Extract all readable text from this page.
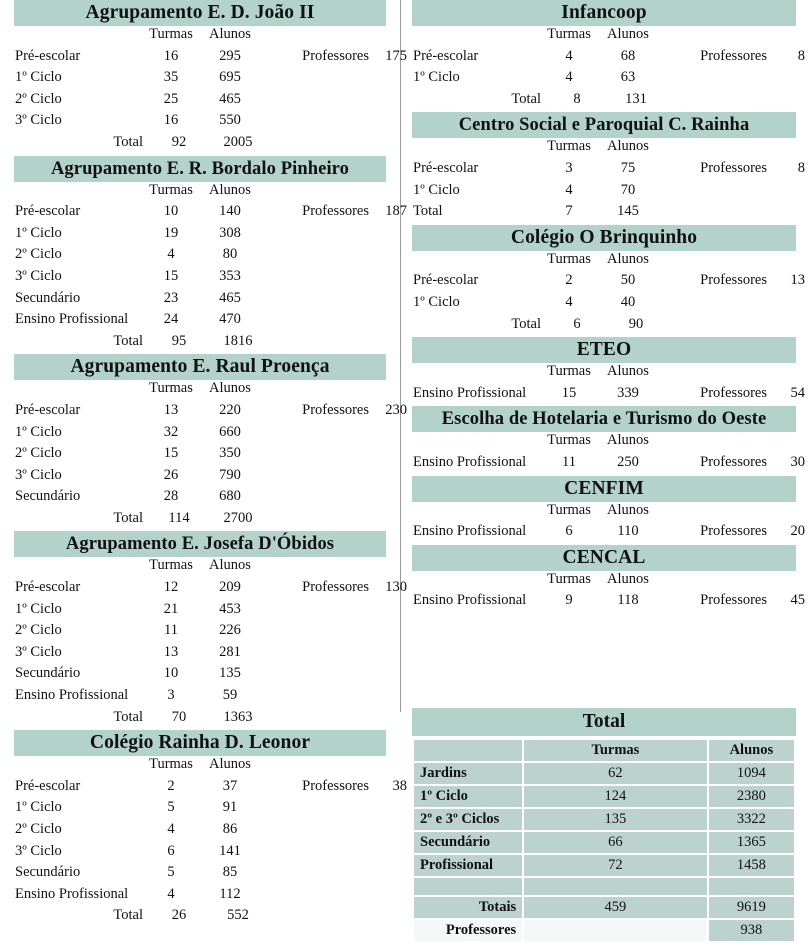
Agrupamento E. D. João II
Turmas	Alunos
Pré-escolar	16	295	Professores	175
1º Ciclo	35	695
2º Ciclo	25	465
3º Ciclo	16	550
Total	92	2005
Agrupamento E. R. Bordalo Pinheiro
Turmas	Alunos
Pré-escolar	10	140	Professores	187
1º Ciclo	19	308
2º Ciclo	4	80
3º Ciclo	15	353
Secundário	23	465
Ensino Profissional	24	470
Total	95	1816
Agrupamento E. Raul Proença
Turmas	Alunos
Pré-escolar	13	220	Professores	230
1º Ciclo	32	660
2º Ciclo	15	350
3º Ciclo	26	790
Secundário	28	680
Total	114	2700
Agrupamento E. Josefa D'Óbidos
Turmas	Alunos
Pré-escolar	12	209	Professores	130
1º Ciclo	21	453
2º Ciclo	11	226
3º Ciclo	13	281
Secundário	10	135
Ensino Profissional	3	59
Total	70	1363
Colégio Rainha D. Leonor
Turmas	Alunos
Pré-escolar	2	37	Professores	38
1º Ciclo	5	91
2º Ciclo	4	86
3º Ciclo	6	141
Secundário	5	85
Ensino Profissional	4	112
Total	26	552
Infancoop
Turmas	Alunos
Pré-escolar	4	68	Professores	8
1º Ciclo	4	63
Total	8	131
Centro Social e Paroquial C. Rainha
Turmas	Alunos
Pré-escolar	3	75	Professores	8
1º Ciclo	4	70
Total	7	145
Colégio O Brinquinho
Turmas	Alunos
Pré-escolar	2	50	Professores	13
1º Ciclo	4	40
Total	6	90
ETEO
Turmas	Alunos
Ensino Profissional	15	339	Professores	54
Escolha de Hotelaria e Turismo do Oeste
Turmas	Alunos
Ensino Profissional	11	250	Professores	30
CENFIM
Turmas	Alunos
Ensino Profissional	6	110	Professores	20
CENCAL
Turmas	Alunos
Ensino Profissional	9	118	Professores	45
Total
	Turmas	Alunos
Jardins	62	1094
1º Ciclo	124	2380
2º e 3º Ciclos	135	3322
Secundário	66	1365
Profissional	72	1458

Totais	459	9619
Professores		938
